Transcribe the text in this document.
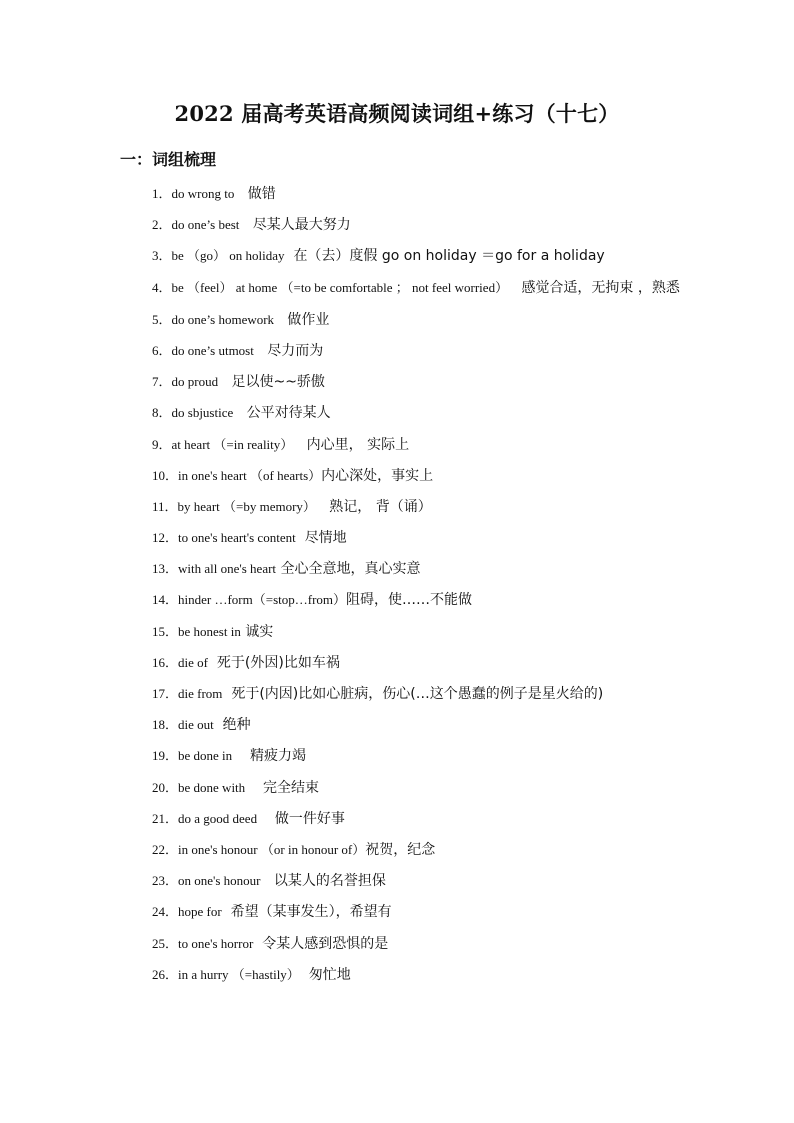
2022 届高考英语高频阅读词组+练习（十七）
一：词组梳理
1．do wrong to 做错
2．do one’s best 尽某人最大努力
3．be （go） on holiday 在（去）度假 go on holiday ＝go for a holiday
4．be （feel） at home （=to be comfortable ； not feel worried） 感觉合适，无拘束 ，熟悉
5．do one’s homework 做作业
6．do one’s utmost 尽力而为
7．do proud 足以使~~骄傲
8．do sbjustice 公平对待某人
9．at heart （=in reality） 内心里， 实际上
10．in one's heart （of hearts）内心深处，事实上
11．by heart （=by memory） 熟记， 背（诵）
12．to one's heart's content 尽情地
13．with all one's heart 全心全意地，真心实意
14．hinder …form（=stop…from）阻碍，使……不能做
15．be honest in 诚实
16．die of 死于(外因)比如车祸
17．die from 死于(内因)比如心脏病，伤心(…这个愚蠢的例子是星火给的)
18．die out 绝种
19．be done in 精疲力竭
20．be done with 完全结束
21．do a good deed 做一件好事
22．in one's honour （or in honour of）祝贺，纪念
23．on one's honour 以某人的名誉担保
24．hope for 希望（某事发生），希望有
25．to one's horror 令某人感到恐惧的是
26．in a hurry （=hastily） 匆忙地
